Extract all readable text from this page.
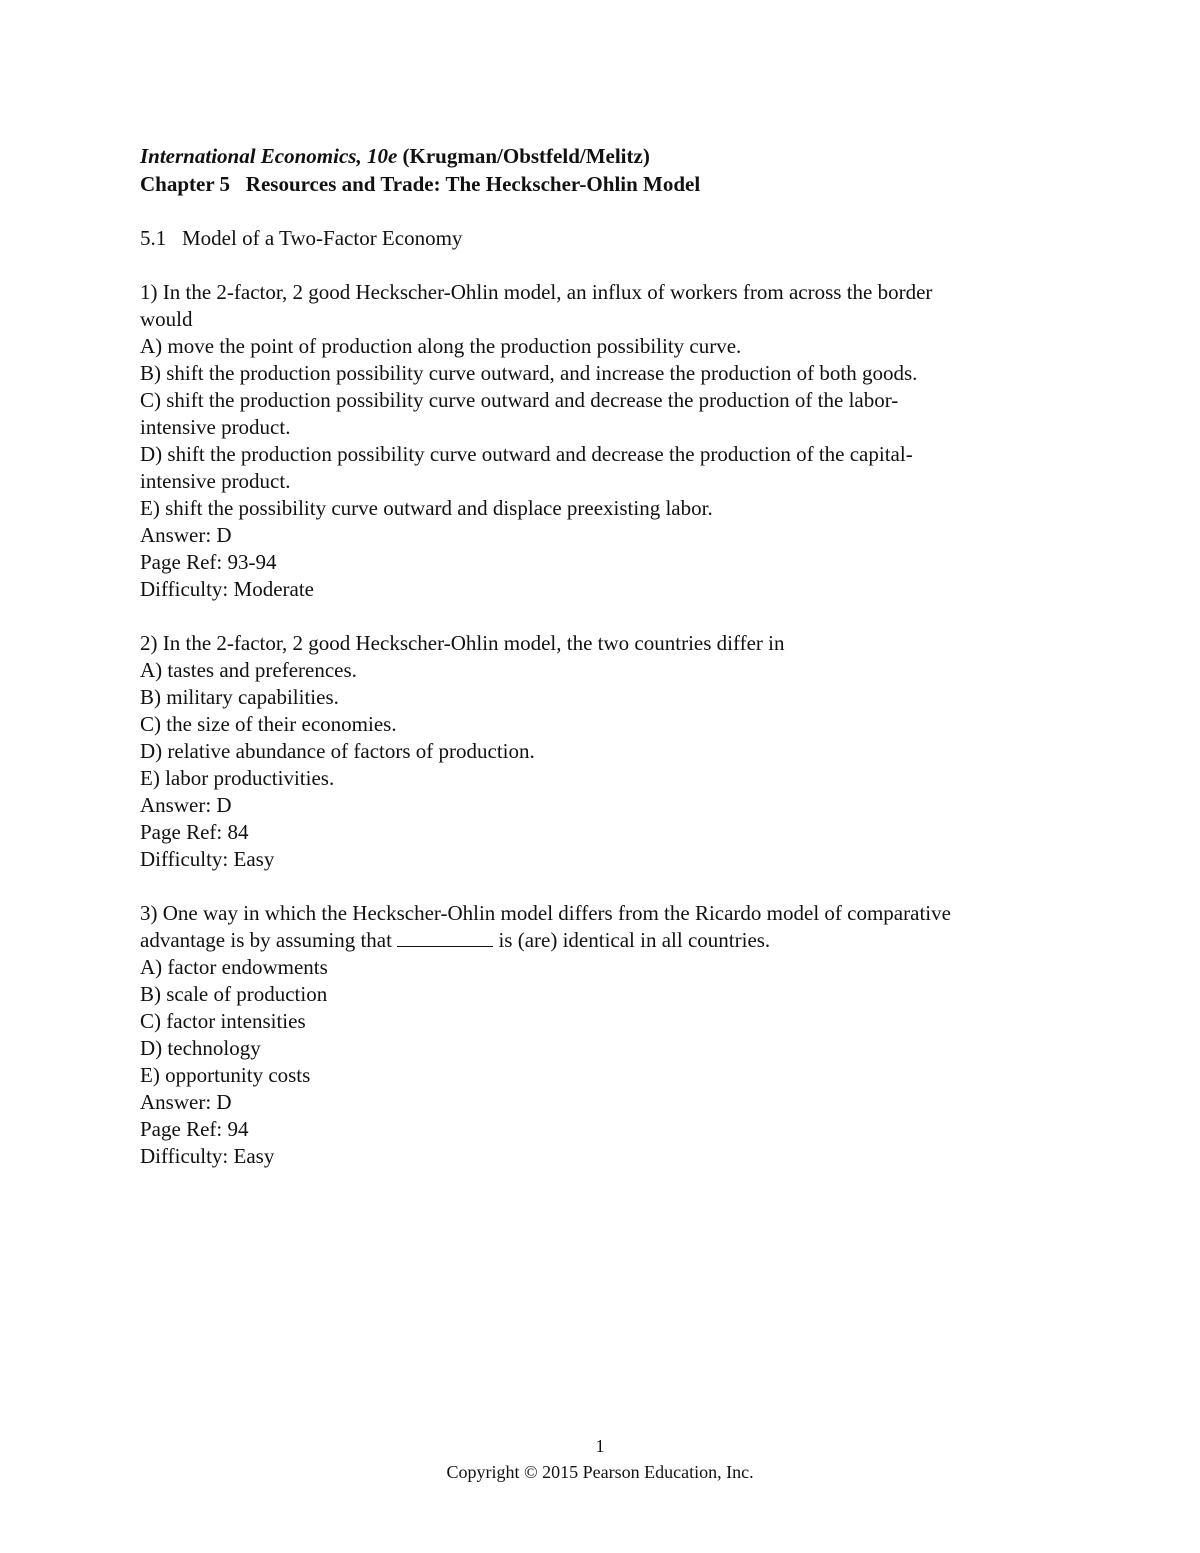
International Economics, 10e (Krugman/Obstfeld/Melitz)
Chapter 5 Resources and Trade: The Heckscher-Ohlin Model
5.1 Model of a Two-Factor Economy
1) In the 2-factor, 2 good Heckscher-Ohlin model, an influx of workers from across the border
would
A) move the point of production along the production possibility curve.
B) shift the production possibility curve outward, and increase the production of both goods.
C) shift the production possibility curve outward and decrease the production of the labor-
intensive product.
D) shift the production possibility curve outward and decrease the production of the capital-
intensive product.
E) shift the possibility curve outward and displace preexisting labor.
Answer: D
Page Ref: 93-94
Difficulty: Moderate
2) In the 2-factor, 2 good Heckscher-Ohlin model, the two countries differ in
A) tastes and preferences.
B) military capabilities.
C) the size of their economies.
D) relative abundance of factors of production.
E) labor productivities.
Answer: D
Page Ref: 84
Difficulty: Easy
3) One way in which the Heckscher-Ohlin model differs from the Ricardo model of comparative
advantage is by assuming that	is (are) identical in all countries.
A) factor endowments
B) scale of production
C) factor intensities
D) technology
E) opportunity costs
Answer: D
Page Ref: 94
Difficulty: Easy
1
Copyright © 2015 Pearson Education, Inc.
